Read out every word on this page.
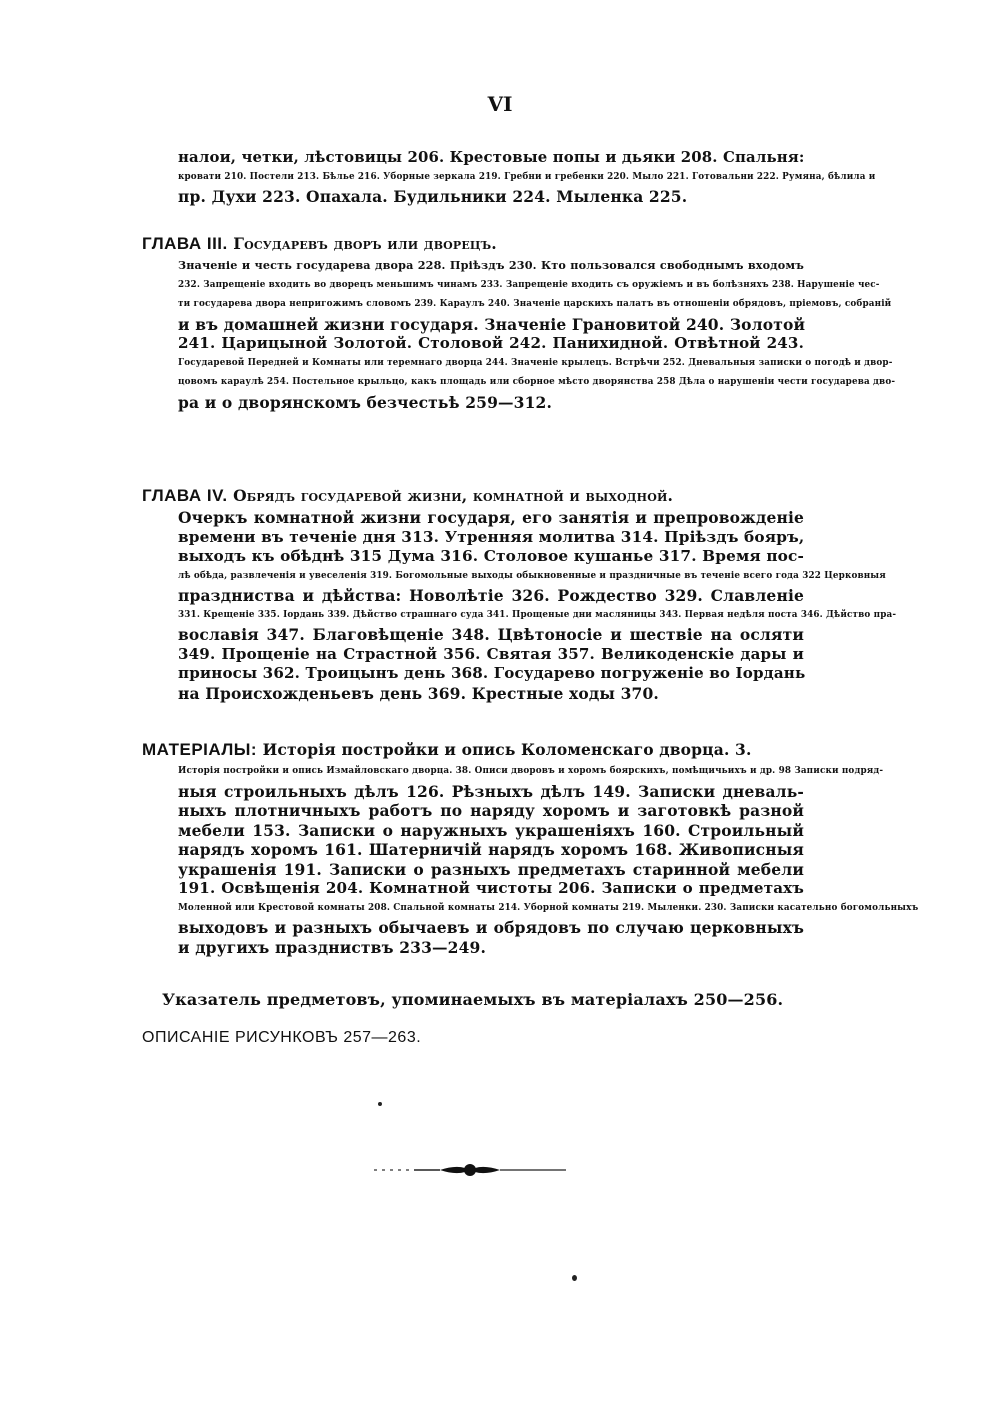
VI
налои, четки, лѣстовицы 206. Крестовые попы и дьяки 208. Спальня:
кровати 210. Постели 213. Бѣлье 216. Уборные зеркала 219. Гребни и гребенки 220. Мыло 221. Готовальни 222. Румяна, бѣлила и
пр. Духи 223. Опахала. Будильники 224. Мыленка 225.
ГЛАВА III. Государевъ дворъ или дворецъ.
Значеніе и честь государева двора 228. Пріѣздъ 230. Кто пользовался свободнымъ входомъ
232. Запрещеніе входить во дворецъ меньшимъ чинамъ 233. Запрещеніе входить съ оружіемъ и въ болѣзняхъ 238. Нарушеніе чес-
ти государева двора непригожимъ словомъ 239. Караулъ 240. Значеніе царскихъ палатъ въ отношеніи обрядовъ, пріемовъ, собраній
и въ домашней жизни государя. Значеніе Грановитой 240. Золотой
241. Царицыной Золотой. Столовой 242. Панихидной. Отвѣтной 243.
Государевой Передней и Комнаты или теремнаго дворца 244. Значеніе крылецъ. Встрѣчи 252. Дневальныя записки о погодѣ и двор-
цовомъ караулѣ 254. Постельное крыльцо, какъ площадь или сборное мѣсто дворянства 258 Дѣла о нарушеніи чести государева дво-
ра и о дворянскомъ безчестьѣ 259—312.
ГЛАВА IV. Обрядъ государевой жизни, комнатной и выходной.
Очеркъ комнатной жизни государя, его занятія и препровожденіе
времени въ теченіе дня 313. Утренняя молитва 314. Пріѣздъ бояръ,
выходъ къ обѣднѣ 315 Дума 316. Столовое кушанье 317. Время пос-
лѣ обѣда, развлеченія и увеселенія 319. Богомольные выходы обыкновенные и праздничные въ теченіе всего года 322 Церковныя
праздниства и дѣйства: Новолѣтіе 326. Рождество 329. Славленіе
331. Крещеніе 335. Іордань 339. Дѣйство страшнаго суда 341. Прощеные дни масляницы 343. Первая недѣля поста 346. Дѣйство пра-
вославія 347. Благовѣщеніе 348. Цвѣтоносіе и шествіе на осляти
349. Прощеніе на Страстной 356. Святая 357. Великоденскіе дары и
приносы 362. Троицынъ день 368. Государево погруженіе во Іордань
на Происхожденьевъ день 369. Крестные ходы 370.
МАТЕРІАЛЫ: Исторія постройки и опись Коломенскаго дворца. 3.
Исторія постройки и опись Измайловскаго дворца. 38. Описи дворовъ и хоромъ боярскихъ, помѣщичьихъ и др. 98 Записки подряд-
ныя строильныхъ дѣлъ 126. Рѣзныхъ дѣлъ 149. Записки дневаль-
ныхъ плотничныхъ работъ по наряду хоромъ и заготовкѣ разной
мебели 153. Записки о наружныхъ украшеніяхъ 160. Строильный
нарядъ хоромъ 161. Шатерничій нарядъ хоромъ 168. Живописныя
украшенія 191. Записки о разныхъ предметахъ старинной мебели
191. Освѣщенія 204. Комнатной чистоты 206. Записки о предметахъ
Моленной или Крестовой комнаты 208. Спальной комнаты 214. Уборной комнаты 219. Мыленки. 230. Записки касательно богомольныхъ
выходовъ и разныхъ обычаевъ и обрядовъ по случаю церковныхъ
и другихъ праздниствъ 233—249.
Указатель предметовъ, упоминаемыхъ въ матеріалахъ 250—256.
ОПИСАНІЕ РИСУНКОВЪ 257—263.
